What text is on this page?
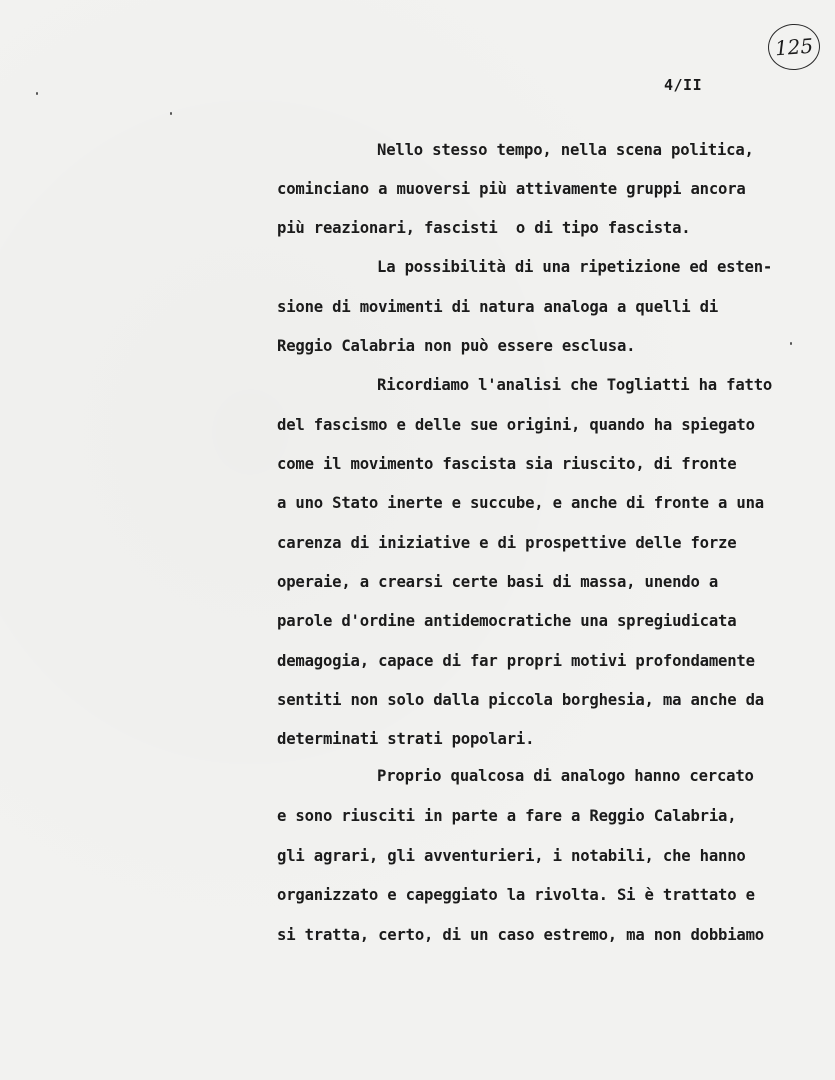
125
4/II
Nello stesso tempo, nella scena politica,
cominciano a muoversi più attivamente gruppi ancora
più reazionari, fascisti  o di tipo fascista.
La possibilità di una ripetizione ed esten-
sione di movimenti di natura analoga a quelli di
Reggio Calabria non può essere esclusa.
Ricordiamo l'analisi che Togliatti ha fatto
del fascismo e delle sue origini, quando ha spiegato
come il movimento fascista sia riuscito, di fronte
a uno Stato inerte e succube, e anche di fronte a una
carenza di iniziative e di prospettive delle forze
operaie, a crearsi certe basi di massa, unendo a
parole d'ordine antidemocratiche una spregiudicata
demagogia, capace di far propri motivi profondamente
sentiti non solo dalla piccola borghesia, ma anche da
determinati strati popolari.
Proprio qualcosa di analogo hanno cercato
e sono riusciti in parte a fare a Reggio Calabria,
gli agrari, gli avventurieri, i notabili, che hanno
organizzato e capeggiato la rivolta. Si è trattato e
si tratta, certo, di un caso estremo, ma non dobbiamo
